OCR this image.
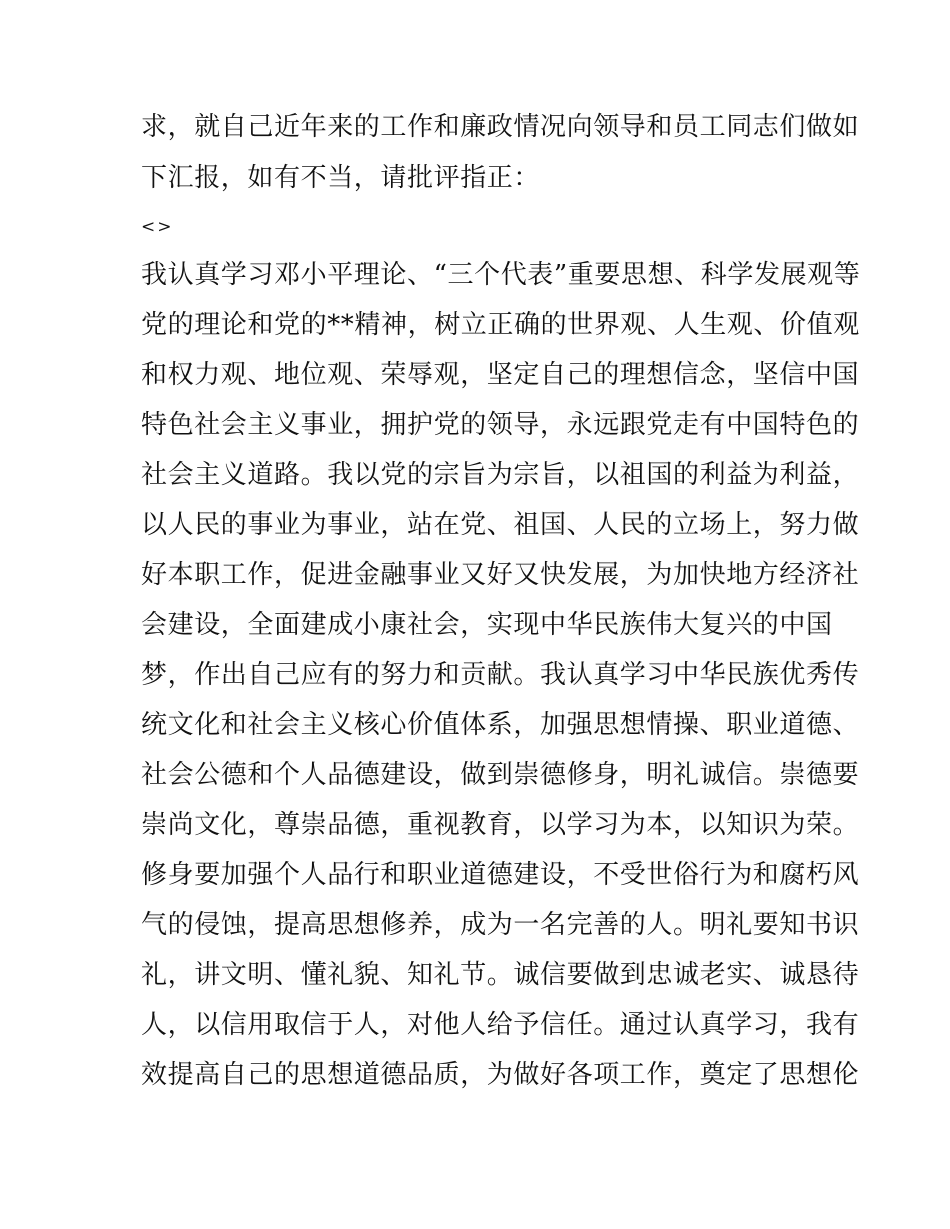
求，就自己近年来的工作和廉政情况向领导和员工同志们做如
下汇报，如有不当，请批评指正：
<>
我认真学习邓小平理论、“三个代表”重要思想、科学发展观等
党的理论和党的**精神，树立正确的世界观、人生观、价值观
和权力观、地位观、荣辱观，坚定自己的理想信念，坚信中国
特色社会主义事业，拥护党的领导，永远跟党走有中国特色的
社会主义道路。我以党的宗旨为宗旨，以祖国的利益为利益，
以人民的事业为事业，站在党、祖国、人民的立场上，努力做
好本职工作，促进金融事业又好又快发展，为加快地方经济社
会建设，全面建成小康社会，实现中华民族伟大复兴的中国
梦，作出自己应有的努力和贡献。我认真学习中华民族优秀传
统文化和社会主义核心价值体系，加强思想情操、职业道德、
社会公德和个人品德建设，做到崇德修身，明礼诚信。崇德要
崇尚文化，尊崇品德，重视教育，以学习为本，以知识为荣。
修身要加强个人品行和职业道德建设，不受世俗行为和腐朽风
气的侵蚀，提高思想修养，成为一名完善的人。明礼要知书识
礼，讲文明、懂礼貌、知礼节。诚信要做到忠诚老实、诚恳待
人，以信用取信于人，对他人给予信任。通过认真学习，我有
效提高自己的思想道德品质，为做好各项工作，奠定了思想伦
